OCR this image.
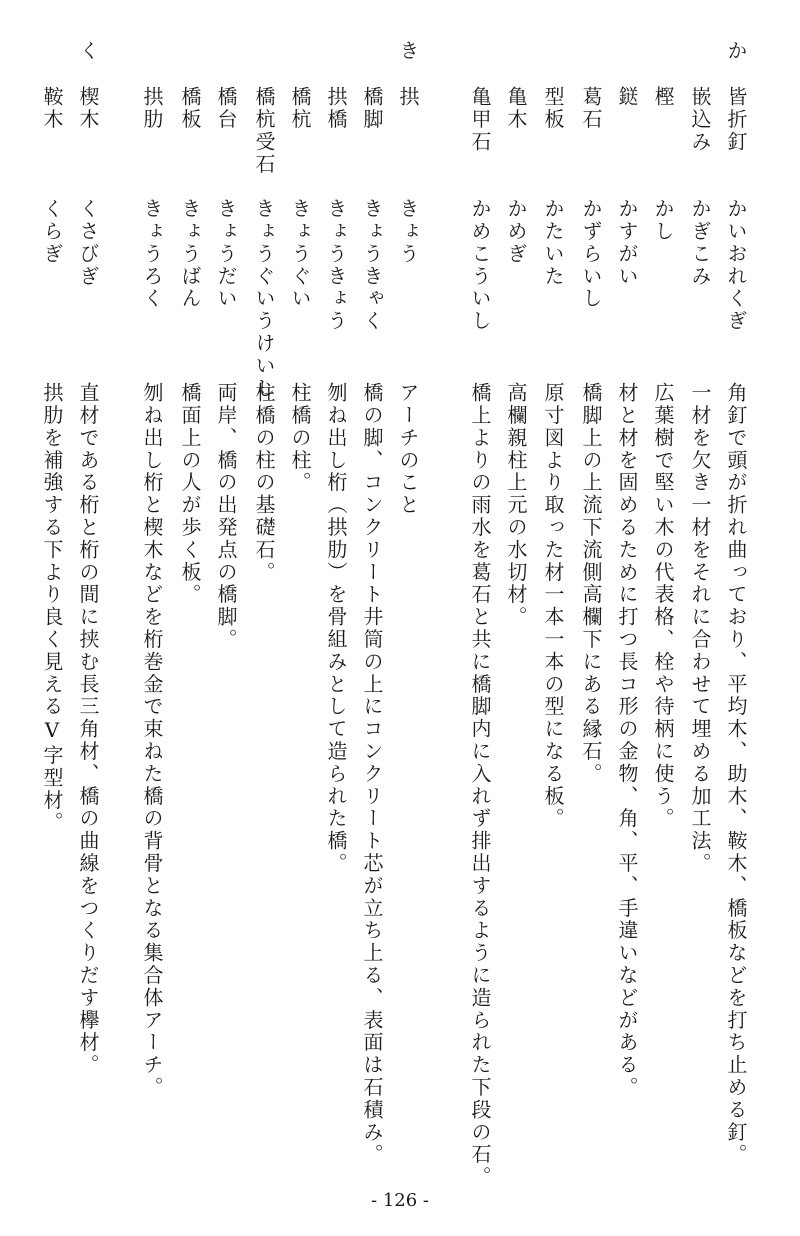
か
き
く
皆折釘
かいおれくぎ
角釘で頭が折れ曲っており、平均木、助木、鞍木、橋板などを打ち止める釘。
嵌込み
かぎこみ
一材を欠き一材をそれに合わせて埋める加工法。
樫
かし
広葉樹で堅い木の代表格、栓や待柄に使う。
鎹
かすがい
材と材を固めるために打つ長コ形の金物、角、平、手違いなどがある。
葛石
かずらいし
橋脚上の上流下流側高欄下にある縁石。
型板
かたいた
原寸図より取った材一本一本の型になる板。
亀木
かめぎ
高欄親柱上元の水切材。
亀甲石
かめこういし
橋上よりの雨水を葛石と共に橋脚内に入れず排出するように造られた下段の石。
拱
きょう
アーチのこと
橋脚
きょうきゃく
橋の脚、コンクリート井筒の上にコンクリート芯が立ち上る、表面は石積み。
拱橋
きょうきょう
刎ね出し桁（拱肋）を骨組みとして造られた橋。
橋杭
きょうぐい
柱橋の柱。
橋杭受石
きょうぐいうけいし
柱橋の柱の基礎石。
橋台
きょうだい
両岸、橋の出発点の橋脚。
橋板
きょうばん
橋面上の人が歩く板。
拱肋
きょうろく
刎ね出し桁と楔木などを桁巻金で束ねた橋の背骨となる集合体アーチ。
楔木
くさびぎ
直材である桁と桁の間に挟む長三角材、橋の曲線をつくりだす欅材。
鞍木
くらぎ
拱肋を補強する下より良く見えるV字型材。
- 126 -
